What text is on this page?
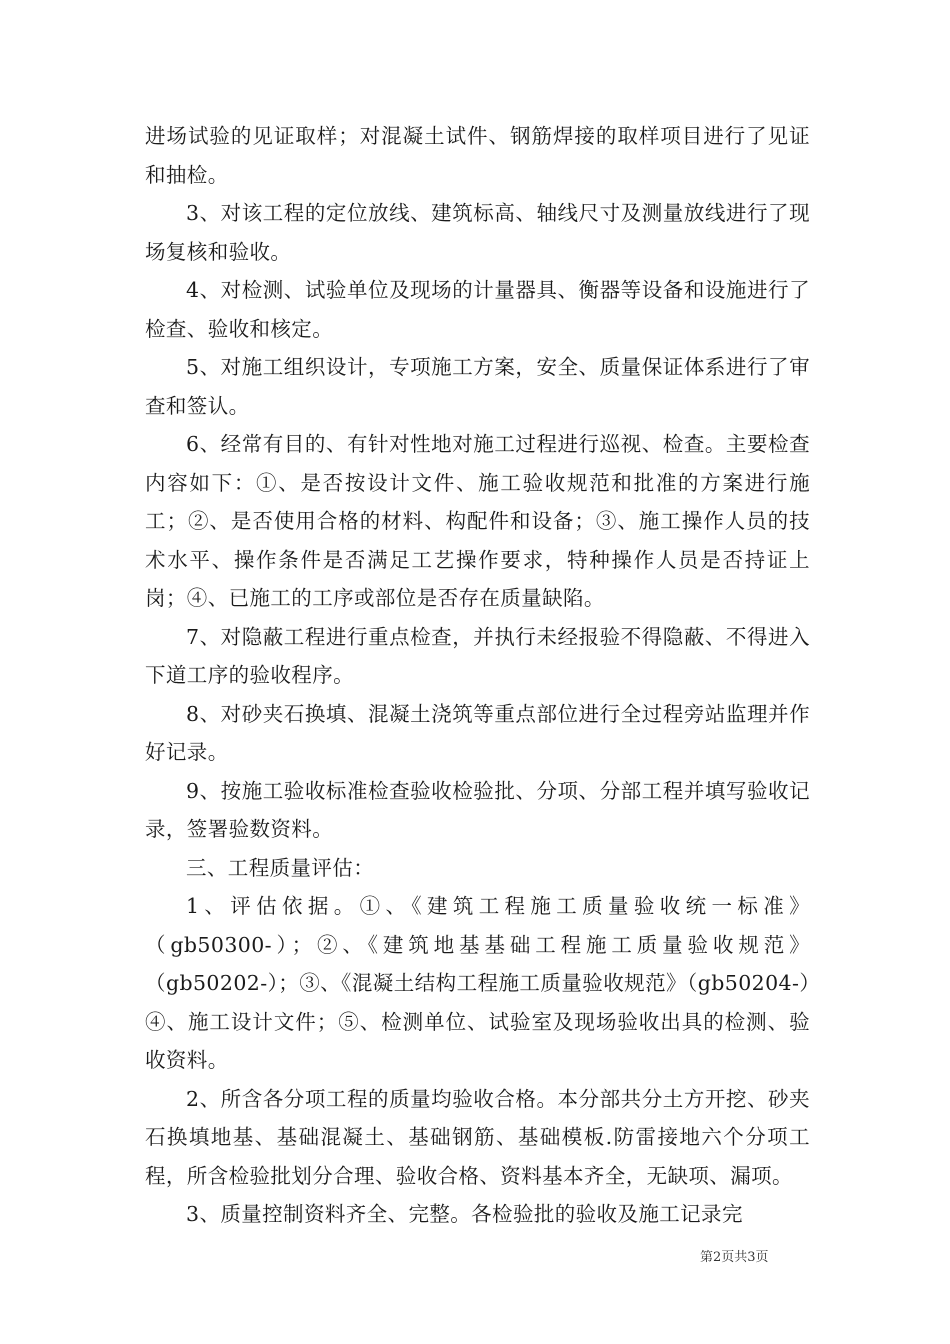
进场试验的见证取样；对混凝土试件、钢筋焊接的取样项目进行了见证和抽检。

3、对该工程的定位放线、建筑标高、轴线尺寸及测量放线进行了现场复核和验收。

4、对检测、试验单位及现场的计量器具、衡器等设备和设施进行了检查、验收和核定。

5、对施工组织设计，专项施工方案，安全、质量保证体系进行了审查和签认。

6、经常有目的、有针对性地对施工过程进行巡视、检查。主要检查内容如下：①、是否按设计文件、施工验收规范和批准的方案进行施工；②、是否使用合格的材料、构配件和设备；③、施工操作人员的技术水平、操作条件是否满足工艺操作要求，特种操作人员是否持证上岗；④、已施工的工序或部位是否存在质量缺陷。

7、对隐蔽工程进行重点检查，并执行未经报验不得隐蔽、不得进入下道工序的验收程序。

8、对砂夹石换填、混凝土浇筑等重点部位进行全过程旁站监理并作好记录。

9、按施工验收标准检查验收检验批、分项、分部工程并填写验收记录，签署验数资料。

三、工程质量评估：

1、评估依据。①、《建筑工程施工质量验收统一标准》（gb50300-）；②、《建筑地基基础工程施工质量验收规范》（gb50202-）；③、《混凝土结构工程施工质量验收规范》（gb50204-）④、施工设计文件；⑤、检测单位、试验室及现场验收出具的检测、验收资料。

2、所含各分项工程的质量均验收合格。本分部共分土方开挖、砂夹石换填地基、基础混凝土、基础钢筋、基础模板.防雷接地六个分项工程，所含检验批划分合理、验收合格、资料基本齐全，无缺项、漏项。

3、质量控制资料齐全、完整。各检验批的验收及施工记录完

第2页共3页
